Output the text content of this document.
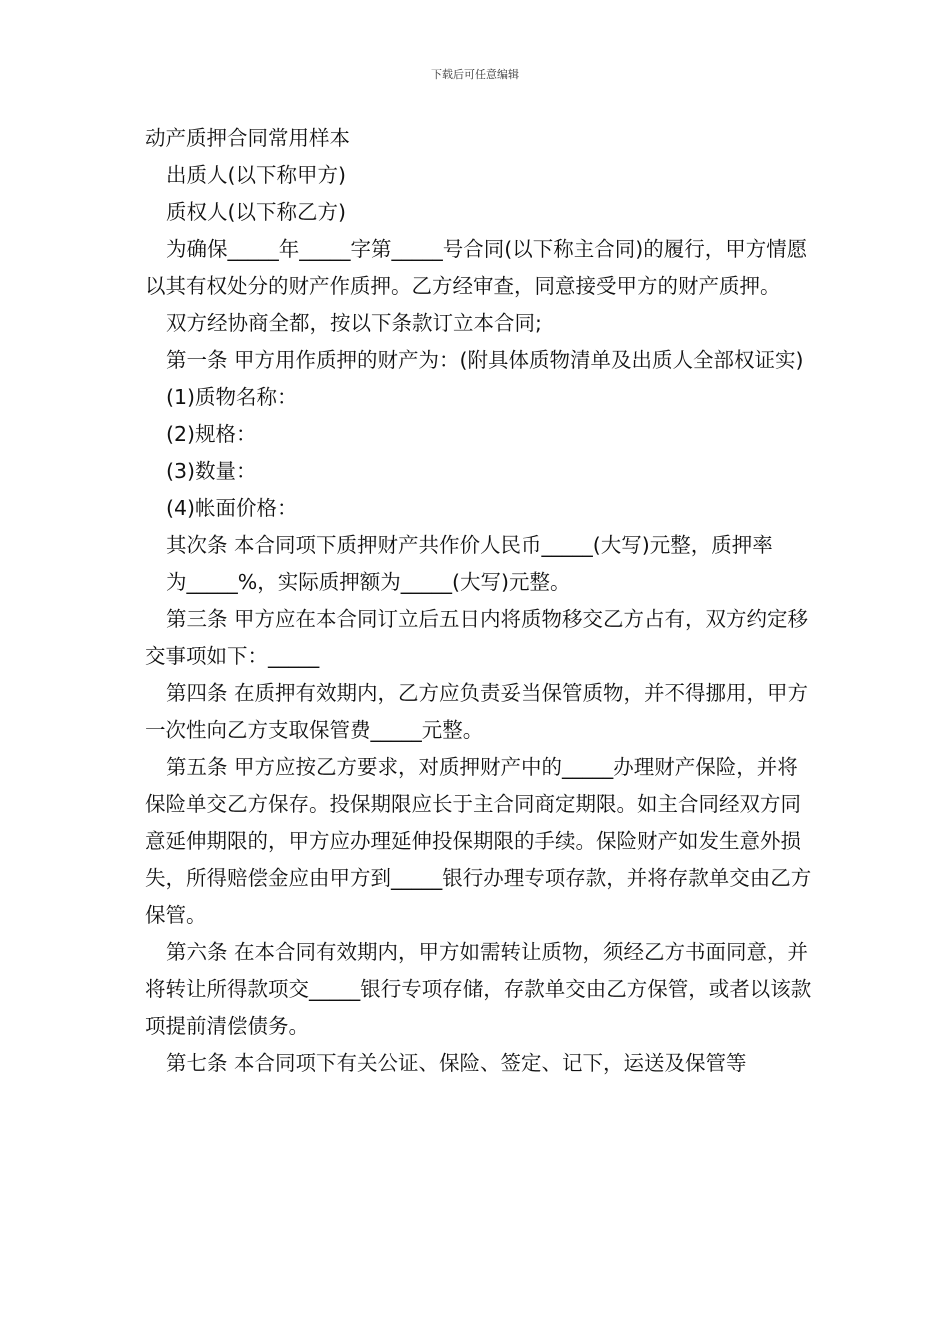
下载后可任意编辑

动产质押合同常用样本

出质人(以下称甲方)

质权人(以下称乙方)

为确保_____年_____字第_____号合同(以下称主合同)的履行，甲方情愿以其有权处分的财产作质押。乙方经审查，同意接受甲方的财产质押。

双方经协商全都，按以下条款订立本合同;

第一条 甲方用作质押的财产为：(附具体质物清单及出质人全部权证实)

(1)质物名称：

(2)规格：

(3)数量：

(4)帐面价格：

其次条 本合同项下质押财产共作价人民币_____(大写)元整，质押率

为_____%，实际质押额为_____(大写)元整。

第三条 甲方应在本合同订立后五日内将质物移交乙方占有，双方约定移交事项如下：_____

第四条 在质押有效期内，乙方应负责妥当保管质物，并不得挪用，甲方一次性向乙方支取保管费_____元整。

第五条 甲方应按乙方要求，对质押财产中的_____办理财产保险，并将保险单交乙方保存。投保期限应长于主合同商定期限。如主合同经双方同意延伸期限的，甲方应办理延伸投保期限的手续。保险财产如发生意外损失，所得赔偿金应由甲方到_____银行办理专项存款，并将存款单交由乙方保管。

第六条 在本合同有效期内，甲方如需转让质物，须经乙方书面同意，并将转让所得款项交_____银行专项存储，存款单交由乙方保管，或者以该款项提前清偿债务。

第七条 本合同项下有关公证、保险、签定、记下，运送及保管等
